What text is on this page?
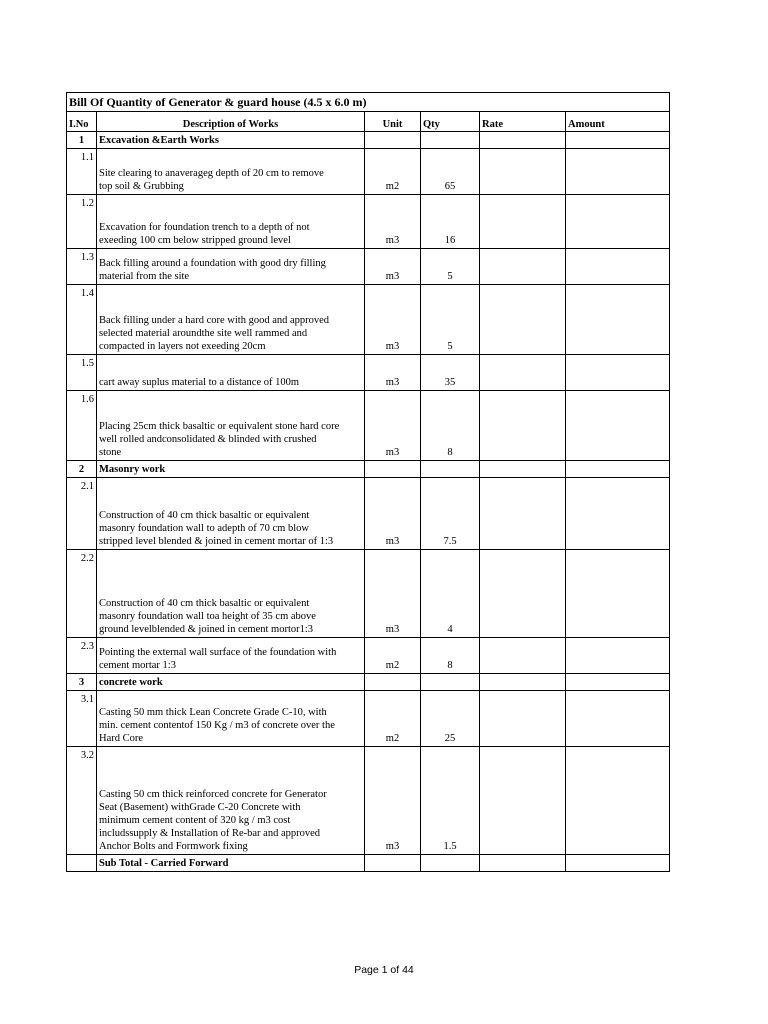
Bill Of Quantity of Generator & guard house (4.5 x 6.0 m)					
I.No	Description of Works	Unit	Qty	Rate	Amount
1	Excavation &Earth Works				
1.1	Site clearing to anaverageg depth of 20 cm to remove
top soil & Grubbing	m2	65		
1.2	Excavation for foundation trench to a depth of not
exeeding 100 cm below stripped ground level	m3	16		
1.3	Back filling around a foundation with good dry filling
material from the site	m3	5		
1.4	Back filling under a hard core with good and approved
selected material aroundthe site well rammed and
compacted in layers not exeeding 20cm	m3	5		
1.5	cart away suplus material to a distance of 100m	m3	35		
1.6	Placing 25cm thick basaltic or equivalent stone hard core
well rolled andconsolidated & blinded with crushed
stone	m3	8		
2	Masonry work				
2.1	Construction of 40 cm thick basaltic or equivalent
masonry foundation wall to adepth of 70 cm blow
stripped level blended & joined in cement mortar of 1:3	m3	7.5		
2.2	Construction of 40 cm thick basaltic or equivalent
masonry foundation wall toa height of 35 cm above
ground levelblended & joined in cement mortor1:3	m3	4		
2.3	Pointing the external wall surface of the foundation with
cement mortar 1:3	m2	8		
3	concrete work				
3.1	Casting 50 mm thick Lean Concrete Grade C-10, with
min. cement contentof 150 Kg / m3 of concrete over the
Hard Core	m2	25		
3.2	Casting 50 cm thick reinforced concrete for Generator
Seat (Basement) withGrade C-20 Concrete with
minimum cement content of 320 kg / m3 cost
includssupply & Installation of Re-bar and approved
Anchor Bolts and Formwork fixing	m3	1.5		
	Sub Total - Carried Forward				
Page 1 of 44
